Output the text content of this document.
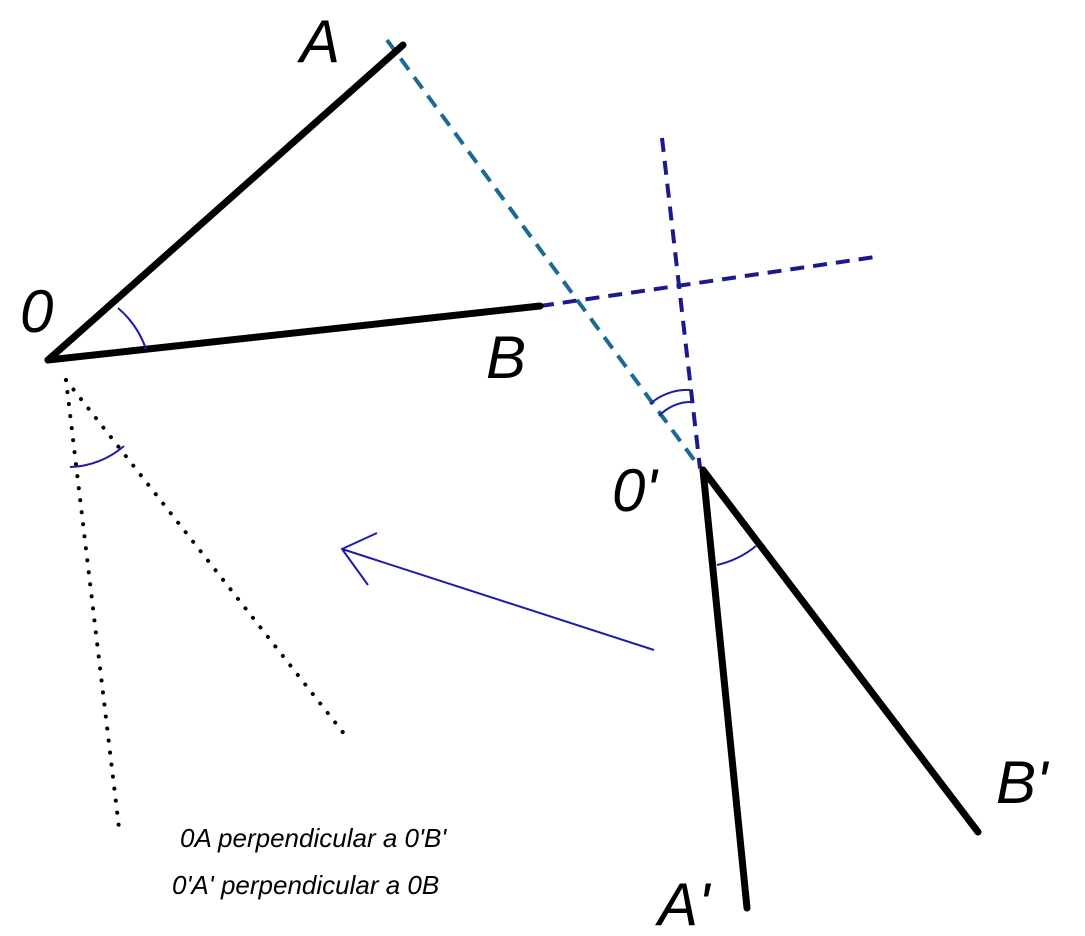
A
B
0
0'
A'
B'
0A perpendicular a 0'B'
0'A' perpendicular a 0B
